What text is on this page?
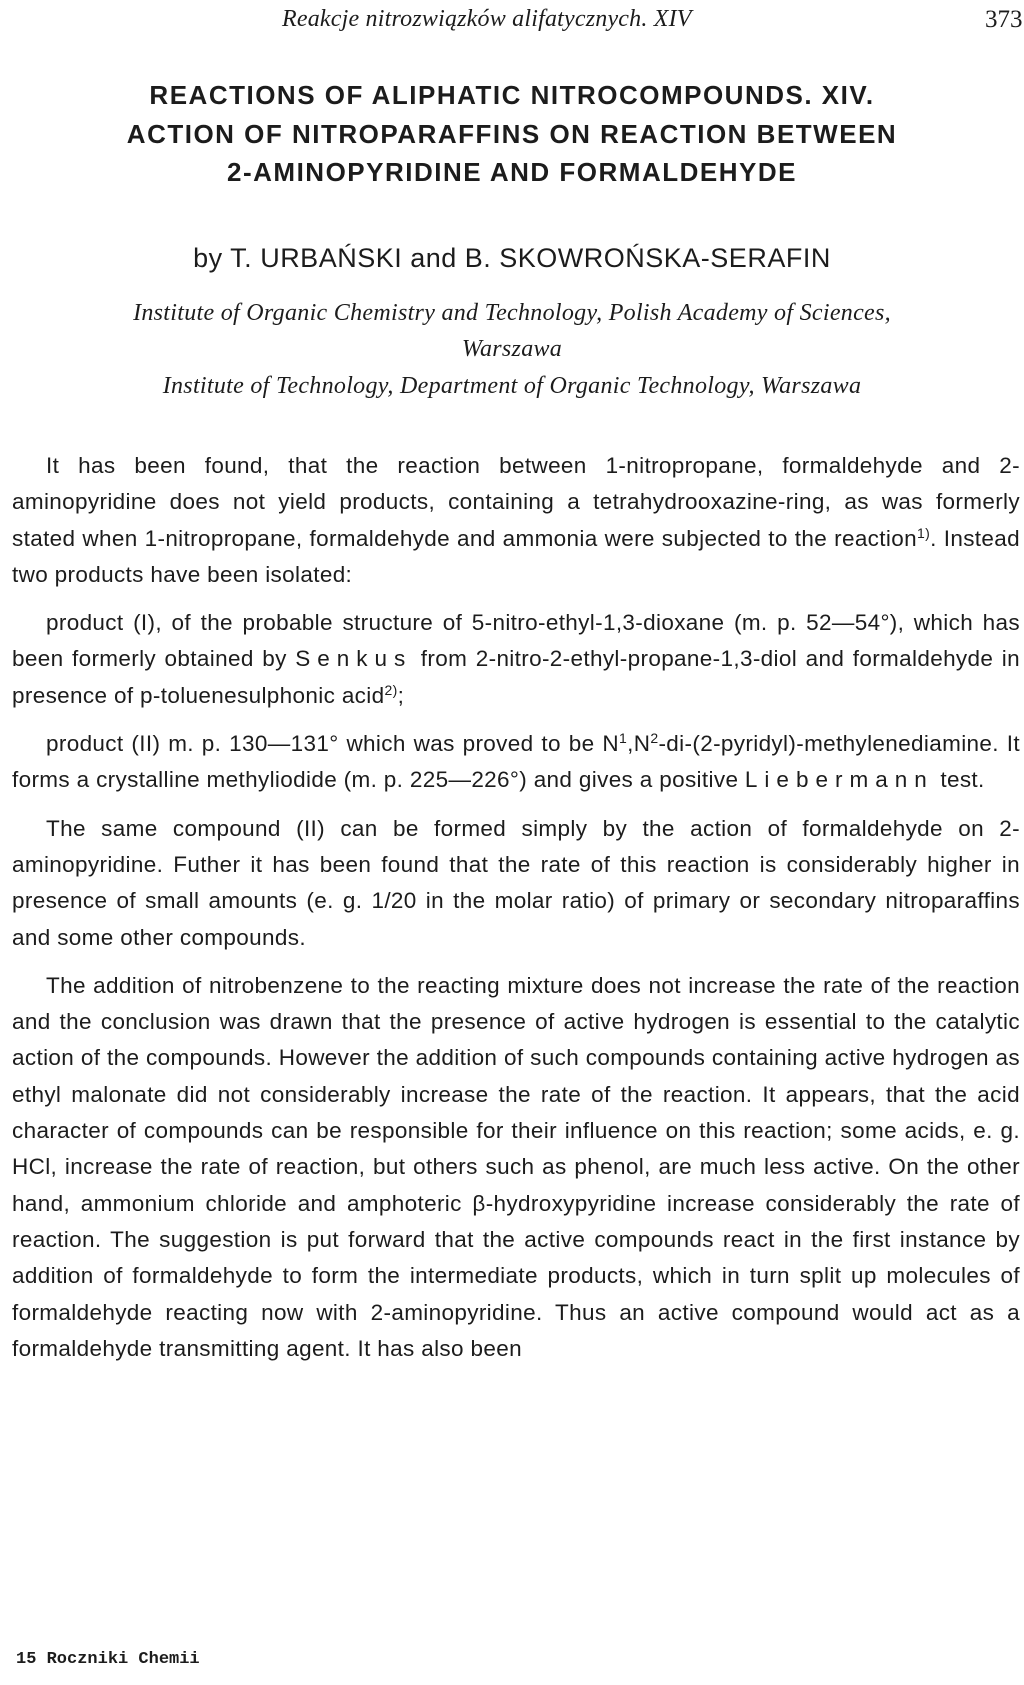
Reakcje nitrozwiązków alifatycznych. XIV	373
REACTIONS OF ALIPHATIC NITROCOMPOUNDS. XIV.
ACTION OF NITROPARAFFINS ON REACTION BETWEEN
2-AMINOPYRIDINE AND FORMALDEHYDE
by T. URBAŃSKI and B. SKOWROŃSKA-SERAFIN
Institute of Organic Chemistry and Technology, Polish Academy of Sciences,
Warszawa
Institute of Technology, Department of Organic Technology, Warszawa

It has been found, that the reaction between 1-nitropropane, formaldehyde and 2-aminopyridine does not yield products, containing a tetrahydrooxazine-ring, as was formerly stated when 1-nitropropane, formaldehyde and ammonia were subjected to the reaction$^{1)}$. Instead two products have been isolated:

product (I), of the probable structure of 5-nitro-ethyl-1,3-dioxane (m. p. 52—54°), which has been formerly obtained by Senkus from 2-nitro-2-ethyl-propane-1,3-diol and formaldehyde in presence of p-toluenesulphonic acid$^{2)}$;

product (II) m. p. 130—131° which was proved to be $N^1,N^2-di-(2-pyridyl)$-methylenediamine. It forms a crystalline methyliodide (m. p. 225—226°) and gives a positive Liebermann test.

The same compound (II) can be formed simply by the action of formaldehyde on 2-aminopyridine. Futher it has been found that the rate of this reaction is considerably higher in presence of small amounts (e. g. 1/20 in the molar ratio) of primary or secondary nitroparaffins and some other compounds.

The addition of nitrobenzene to the reacting mixture does not increase the rate of the reaction and the conclusion was drawn that the presence of active hydrogen is essential to the catalytic action of the compounds. However the addition of such compounds containing active hydrogen as ethyl malonate did not considerably increase the rate of the reaction. It appears, that the acid character of compounds can be responsible for their influence on this reaction; some acids, e. g. HCl, increase the rate of reaction, but others such as phenol, are much less active. On the other hand, ammonium chloride and amphoteric β-hydroxypyridine increase considerably the rate of reaction. The suggestion is put forward that the active compounds react in the first instance by addition of formaldehyde to form the intermediate products, which in turn split up molecules of formaldehyde reacting now with 2-aminopyridine. Thus an active compound would act as a formaldehyde transmitting agent. It has also been

15 Roczniki Chemii
